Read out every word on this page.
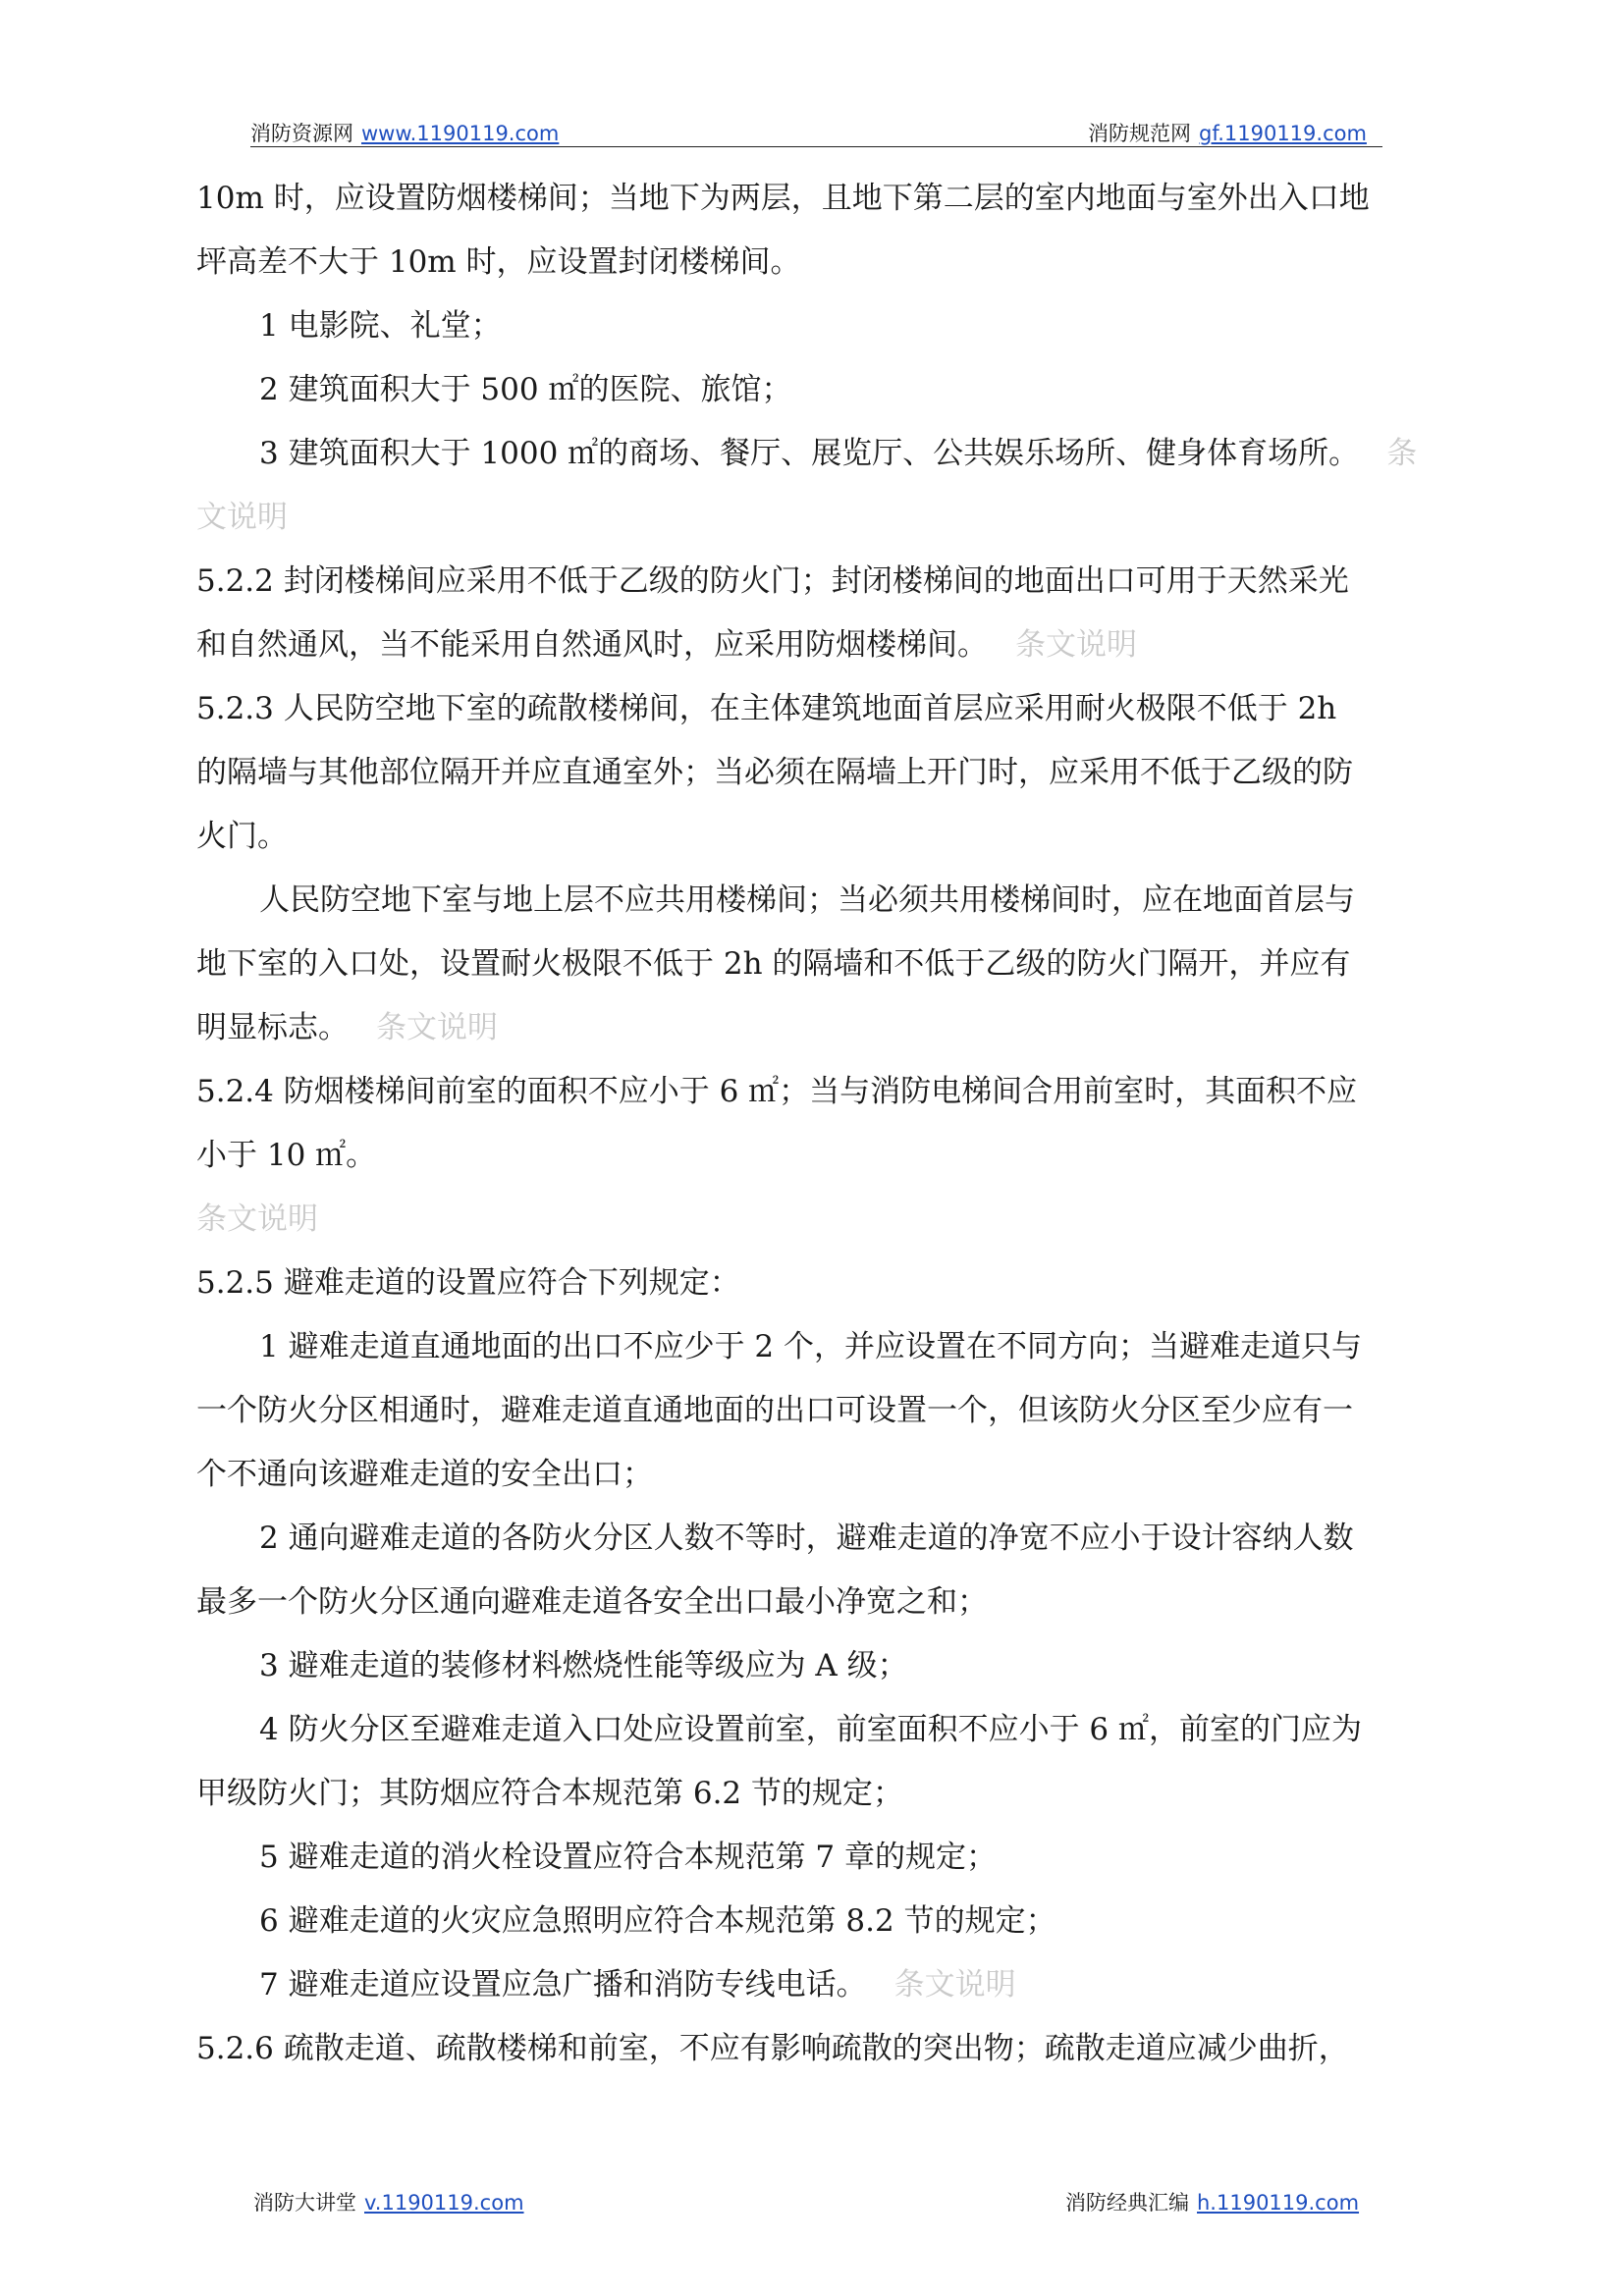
消防资源网 www.1190119.com	消防规范网 gf.1190119.com
10m 时，应设置防烟楼梯间；当地下为两层，且地下第二层的室内地面与室外出入口地
坪高差不大于 10m 时，应设置封闭楼梯间。
1 电影院、礼堂；
2 建筑面积大于 500 ㎡的医院、旅馆；
3 建筑面积大于 1000 ㎡的商场、餐厅、展览厅、公共娱乐场所、健身体育场所。 条
文说明
5.2.2 封闭楼梯间应采用不低于乙级的防火门；封闭楼梯间的地面出口可用于天然采光
和自然通风，当不能采用自然通风时，应采用防烟楼梯间。 条文说明
5.2.3 人民防空地下室的疏散楼梯间，在主体建筑地面首层应采用耐火极限不低于 2h
的隔墙与其他部位隔开并应直通室外；当必须在隔墙上开门时，应采用不低于乙级的防
火门。
人民防空地下室与地上层不应共用楼梯间；当必须共用楼梯间时，应在地面首层与
地下室的入口处，设置耐火极限不低于 2h 的隔墙和不低于乙级的防火门隔开，并应有
明显标志。 条文说明
5.2.4 防烟楼梯间前室的面积不应小于 6 ㎡；当与消防电梯间合用前室时，其面积不应
小于 10 ㎡。
条文说明
5.2.5 避难走道的设置应符合下列规定：
1 避难走道直通地面的出口不应少于 2 个，并应设置在不同方向；当避难走道只与
一个防火分区相通时，避难走道直通地面的出口可设置一个，但该防火分区至少应有一
个不通向该避难走道的安全出口；
2 通向避难走道的各防火分区人数不等时，避难走道的净宽不应小于设计容纳人数
最多一个防火分区通向避难走道各安全出口最小净宽之和；
3 避难走道的装修材料燃烧性能等级应为 A 级；
4 防火分区至避难走道入口处应设置前室，前室面积不应小于 6 ㎡，前室的门应为
甲级防火门；其防烟应符合本规范第 6.2 节的规定；
5 避难走道的消火栓设置应符合本规范第 7 章的规定；
6 避难走道的火灾应急照明应符合本规范第 8.2 节的规定；
7 避难走道应设置应急广播和消防专线电话。 条文说明
5.2.6 疏散走道、疏散楼梯和前室，不应有影响疏散的突出物；疏散走道应减少曲折，
消防大讲堂 v.1190119.com	消防经典汇编 h.1190119.com
